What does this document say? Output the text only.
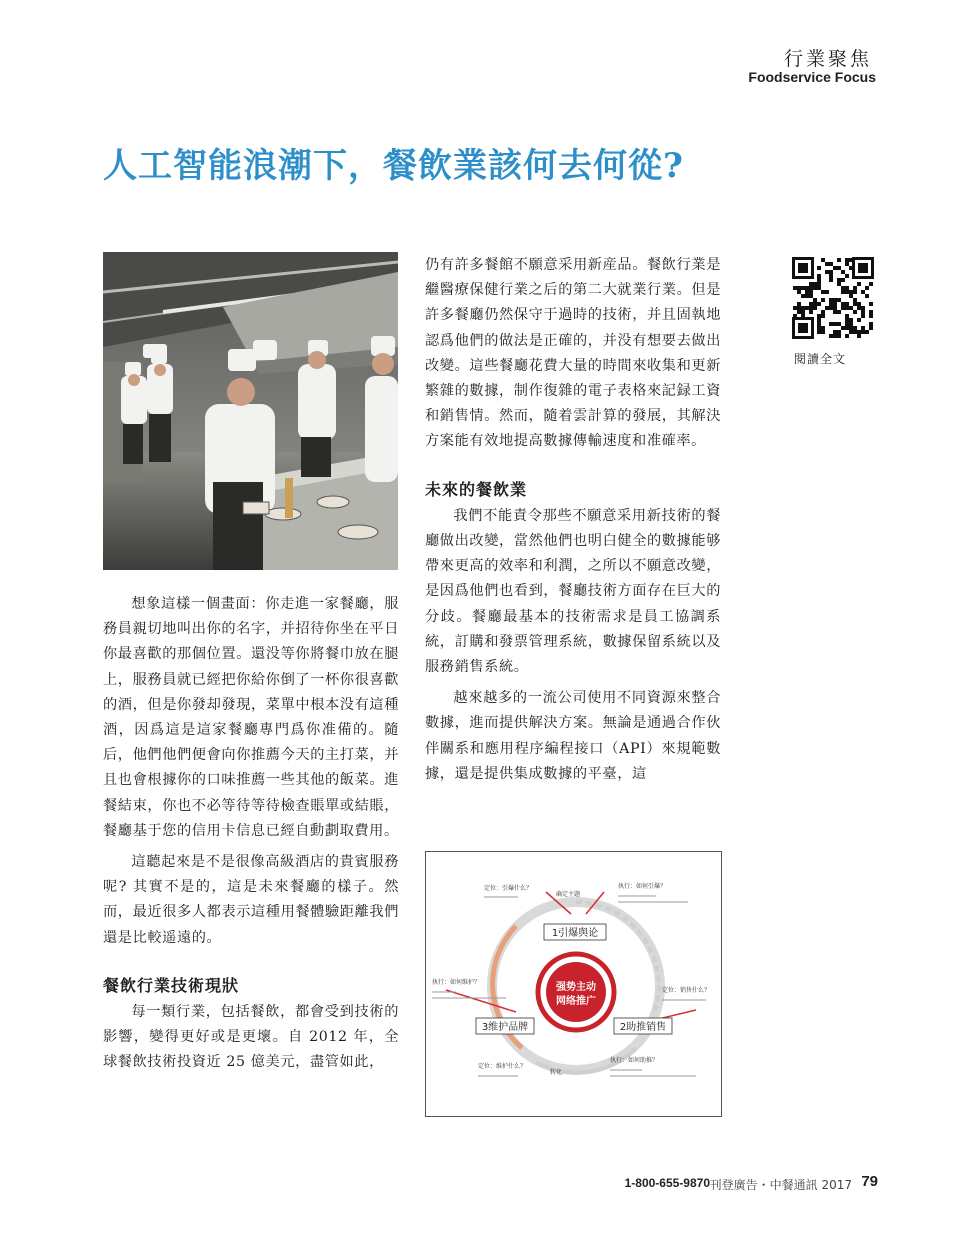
行業聚焦
Foodservice Focus
人工智能浪潮下，餐飲業該何去何從?

想象這樣一個畫面：你走進一家餐廳，服務員親切地叫出你的名字，并招待你坐在平日你最喜歡的那個位置。還没等你將餐巾放在腿上，服務員就已經把你給你倒了一杯你很喜歡的酒，但是你發却發現，菜單中根本没有這種酒，因爲這是這家餐廳專門爲你准備的。隨后，他們他們便會向你推薦今天的主打菜，并且也會根據你的口味推薦一些其他的飯菜。進餐結束，你也不必等待等待檢查賬單或結賬，餐廳基于您的信用卡信息已經自動劃取費用。

這聽起來是不是很像高級酒店的貴賓服務呢? 其實不是的，這是未來餐廳的樣子。然而，最近很多人都表示這種用餐體驗距離我們還是比較遥遠的。

餐飲行業技術現狀

每一類行業，包括餐飲，都會受到技術的影響，變得更好或是更壞。自 2012 年，全球餐飲技術投資近 25 億美元，盡管如此，

仍有許多餐館不願意采用新産品。餐飲行業是繼醫療保健行業之后的第二大就業行業。但是許多餐廳仍然保守于過時的技術，并且固執地認爲他們的做法是正確的，并没有想要去做出改變。這些餐廳花費大量的時間來收集和更新繁雜的數據，制作復雜的電子表格來記録工資和銷售情。然而，隨着雲計算的發展，其解決方案能有效地提高數據傳輸速度和准確率。

未來的餐飲業

我們不能責令那些不願意采用新技術的餐廳做出改變，當然他們也明白健全的數據能够帶來更高的效率和利潤，之所以不願意改變，是因爲他們也看到，餐廳技術方面存在巨大的分歧。餐廳最基本的技術需求是員工協調系統，訂購和發票管理系統，數據保留系統以及服務銷售系統。

越來越多的一流公司使用不同資源來整合數據，進而提供解決方案。無論是通過合作伙伴關系和應用程序編程接口（API）來規範數據，還是提供集成數據的平臺，這

閱讀全文
1引爆舆论
强势主动
网络推广
2助推销售
3维护品牌
定位：引爆什么？
确定主题
执行：如何引爆？
执行：如何维护？
定位：销售什么？
定位：维护什么？
执行：如何助推？
转化
1-800-655-9870 刊登廣告・中餐通訊 2017 79
